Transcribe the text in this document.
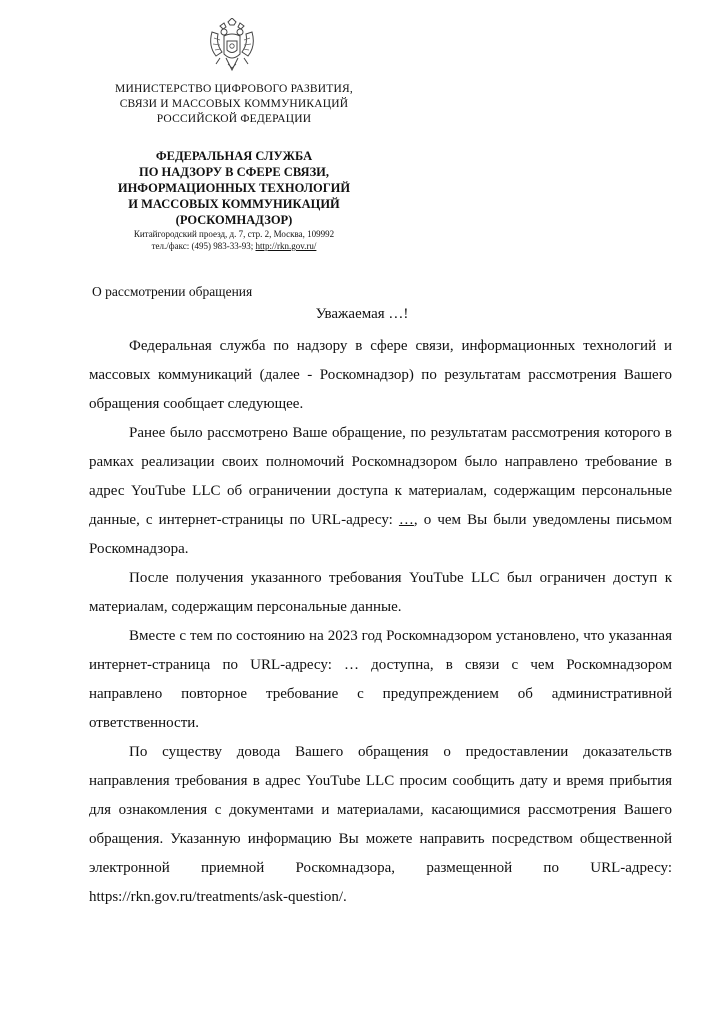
МИНИСТЕРСТВО ЦИФРОВОГО РАЗВИТИЯ,
СВЯЗИ И МАССОВЫХ КОММУНИКАЦИЙ
РОССИЙСКОЙ ФЕДЕРАЦИИ
ФЕДЕРАЛЬНАЯ СЛУЖБА
ПО НАДЗОРУ В СФЕРЕ СВЯЗИ,
ИНФОРМАЦИОННЫХ ТЕХНОЛОГИЙ
И МАССОВЫХ КОММУНИКАЦИЙ
(РОСКОМНАДЗОР)
Китайгородский проезд, д. 7, стр. 2, Москва, 109992
тел./факс: (495) 983-33-93; http://rkn.gov.ru/
О рассмотрении обращения
Уважаемая …!

Федеральная служба по надзору в сфере связи, информационных технологий и массовых коммуникаций (далее - Роскомнадзор) по результатам рассмотрения Вашего обращения сообщает следующее.

Ранее было рассмотрено Ваше обращение, по результатам рассмотрения которого в рамках реализации своих полномочий Роскомнадзором было направлено требование в адрес YouTube LLC об ограничении доступа к материалам, содержащим персональные данные, с интернет-страницы по URL-адресу: …, о чем Вы были уведомлены письмом Роскомнадзора.

После получения указанного требования YouTube LLC был ограничен доступ к материалам, содержащим персональные данные.

Вместе с тем по состоянию на 2023 год Роскомнадзором установлено, что указанная интернет-страница по URL-адресу: … доступна, в связи с чем Роскомнадзором направлено повторное требование с предупреждением об административной ответственности.

По существу довода Вашего обращения о предоставлении доказательств направления требования в адрес YouTube LLC просим сообщить дату и время прибытия для ознакомления с документами и материалами, касающимися рассмотрения Вашего обращения. Указанную информацию Вы можете направить посредством общественной электронной приемной Роскомнадзора, размещенной по URL-адресу: https://rkn.gov.ru/treatments/ask-question/.
